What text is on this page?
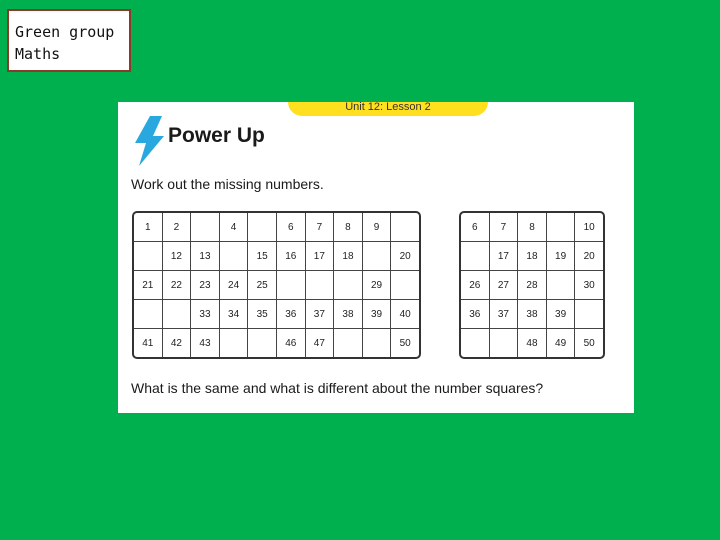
Green group
Maths
Unit 12: Lesson 2
Power Up
Work out the missing numbers.
1	2		4		6	7	8	9	
	12	13		15	16	17	18		20
21	22	23	24	25				29	
		33	34	35	36	37	38	39	40
41	42	43			46	47			50
6	7	8		10
	17	18	19	20
26	27	28		30
36	37	38	39	
		48	49	50
What is the same and what is different about the number squares?
